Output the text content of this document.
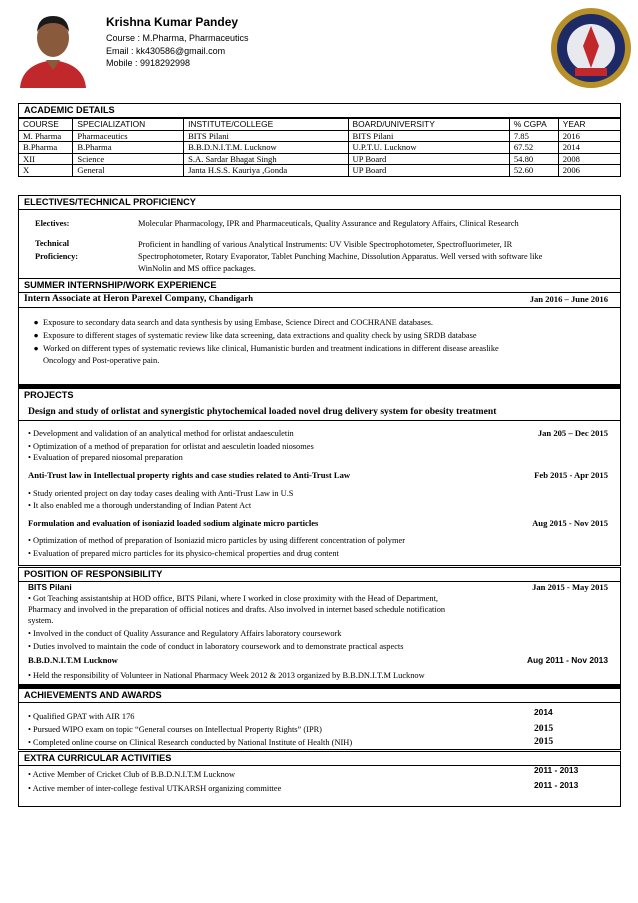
Krishna Kumar Pandey
Course : M.Pharma, Pharmaceutics
Email : kk430586@gmail.com
Mobile : 9918292998
ACADEMIC DETAILS
COURSE	SPECIALIZATION	INSTITUTE/COLLEGE	BOARD/UNIVERSITY	% CGPA	YEAR
M. Pharma	Pharmaceutics	BITS Pilani	BITS Pilani	7.85	2016
B.Pharma	B.Pharma	B.B.D.N.I.T.M. Lucknow	U.P.T.U. Lucknow	67.52	2014
XII	Science	S.A. Sardar Bhagat Singh	UP Board	54.80	2008
X	General	Janta H.S.S. Kauriya ,Gonda	UP Board	52.60	2006
ELECTIVES/TECHNICAL PROFICIENCY
Electives:	Molecular Pharmacology, IPR and Pharmaceuticals, Quality Assurance and Regulatory Affairs, Clinical Research
Technical
Proficiency:
Proficient in handling of various Analytical Instruments: UV Visible Spectrophotometer, Spectrofluorimeter, IR
Spectrophotometer, Rotary Evaporator, Tablet Punching Machine, Dissolution Apparatus. Well versed with software like
WinNolin and MS office packages.
SUMMER INTERNSHIP/WORK EXPERIENCE
Intern Associate at Heron Parexel Company, Chandigarh	Jan 2016 – June 2016
● Exposure to secondary data search and data synthesis by using Embase, Science Direct and COCHRANE databases.
● Exposure to different stages of systematic review like data screening, data extractions and quality check by using SRDB database
● Worked on different types of systematic reviews like clinical, Humanistic burden and treatment indications in different disease areaslike
Oncology and Post-operative pain.
PROJECTS
Design and study of orlistat and synergistic phytochemical loaded novel drug delivery system for obesity treatment
• Development and validation of an analytical method for orlistat andaesculetin	Jan 205 – Dec 2015
• Optimization of a method of preparation for orlistat and aesculetin loaded niosomes
• Evaluation of prepared niosomal preparation
Anti-Trust law in Intellectual property rights and case studies related to Anti-Trust Law	Feb 2015 - Apr 2015
• Study oriented project on day today cases dealing with Anti-Trust Law in U.S
• It also enabled me a thorough understanding of Indian Patent Act
Formulation and evaluation of isoniazid loaded sodium alginate micro particles	Aug 2015 - Nov 2015
• Optimization of method of preparation of Isoniazid micro particles by using different concentration of polymer
• Evaluation of prepared micro particles for its physico-chemical properties and drug content
POSITION OF RESPONSIBILITY
BITS Pilani	Jan 2015 - May 2015
• Got Teaching assistantship at HOD office, BITS Pilani, where I worked in close proximity with the Head of Department,
Pharmacy and involved in the preparation of official notices and drafts. Also involved in internet based schedule notification
system.
• Involved in the conduct of Quality Assurance and Regulatory Affairs laboratory coursework
• Duties involved to maintain the code of conduct in laboratory coursework and to demonstrate practical aspects
B.B.D.N.I.T.M Lucknow	Aug 2011 - Nov 2013
• Held the responsibility of Volunteer in National Pharmacy Week 2012 & 2013 organized by B.B.DN.I.T.M Lucknow
ACHIEVEMENTS AND AWARDS
• Qualified GPAT with AIR 176	2014
• Pursued WIPO exam on topic “General courses on Intellectual Property Rights” (IPR)	2015
• Completed online course on Clinical Research conducted by National Institute of Health (NIH)	2015
EXTRA CURRICULAR ACTIVITIES
• Active Member of Cricket Club of B.B.D.N.I.T.M Lucknow	2011 - 2013
• Active member of inter-college festival UTKARSH organizing committee	2011 - 2013
